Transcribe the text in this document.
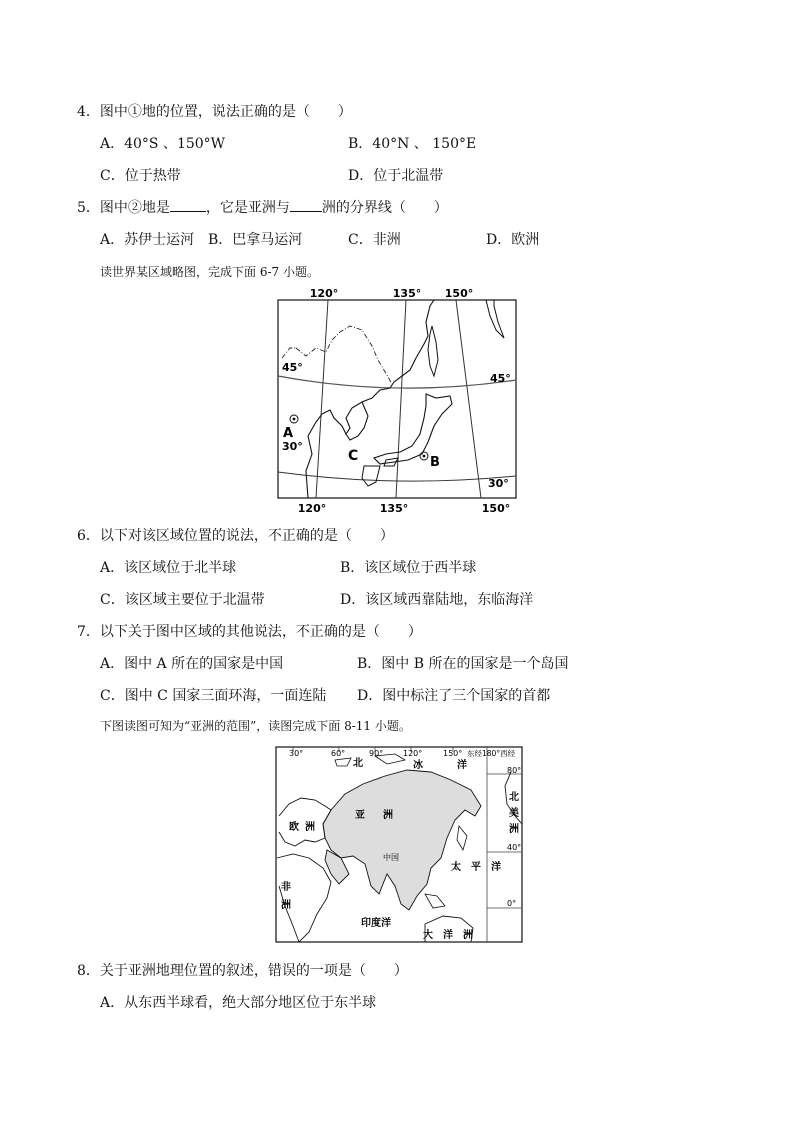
4．图中①地的位置，说法正确的是（　　）
A．40°S 、150°W	B．40°N 、 150°E
C．位于热带	D．位于北温带
5．图中②地是	，它是亚洲与 洲的分界线（　　）
A．苏伊士运河 B．巴拿马运河	C．非洲	D．欧洲
读世界某区域略图，完成下面 6-7 小题。
120°	135° 150°
120°	135°	150°
45°
45°
30°
30°
A
B
C
6．以下对该区域位置的说法，不正确的是（　　）
A．该区域位于北半球	B．该区域位于西半球
C．该区域主要位于北温带	D．该区域西靠陆地，东临海洋
7．以下关于图中区域的其他说法，不正确的是（　　）
A．图中 A 所在的国家是中国	B．图中 B 所在的国家是一个岛国
C．图中 C 国家三面环海，一面连陆 D．图中标注了三个国家的首都
下图读图可知为“亚洲的范围”，读图完成下面 8-11 小题。
30°	60°	90° 120°	150° 东经180°西经
80°
40°
0°
北	冰	洋
欧 洲
亚 洲
中国
北
美
洲
太　平　洋
非
洲
印度洋
大　洋　洲
8．关于亚洲地理位置的叙述，错误的一项是（　　）
A．从东西半球看，绝大部分地区位于东半球
